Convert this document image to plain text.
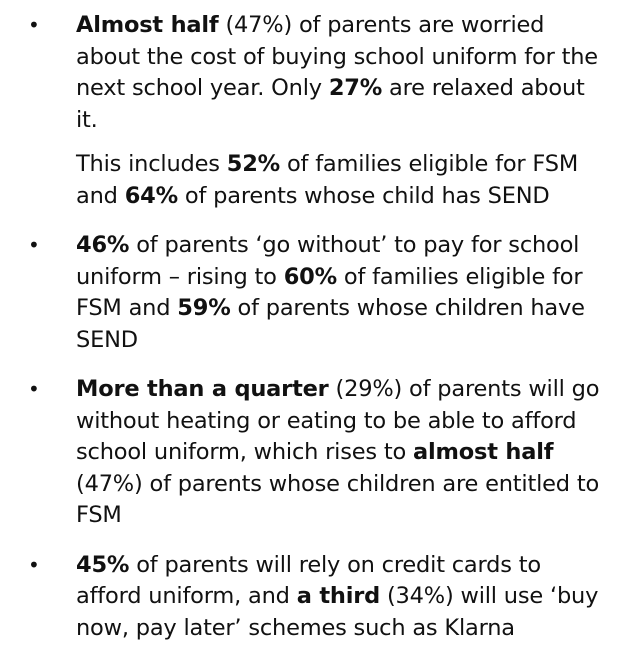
• Almost half (47%) of parents are worried about the cost of buying school uniform for the next school year. Only 27% are relaxed about it.

This includes 52% of families eligible for FSM and 64% of parents whose child has SEND

• 46% of parents ‘go without’ to pay for school uniform – rising to 60% of families eligible for FSM and 59% of parents whose children have SEND

• More than a quarter (29%) of parents will go without heating or eating to be able to afford school uniform, which rises to almost half (47%) of parents whose children are entitled to FSM

• 45% of parents will rely on credit cards to afford uniform, and a third (34%) will use ‘buy now, pay later’ schemes such as Klarna
